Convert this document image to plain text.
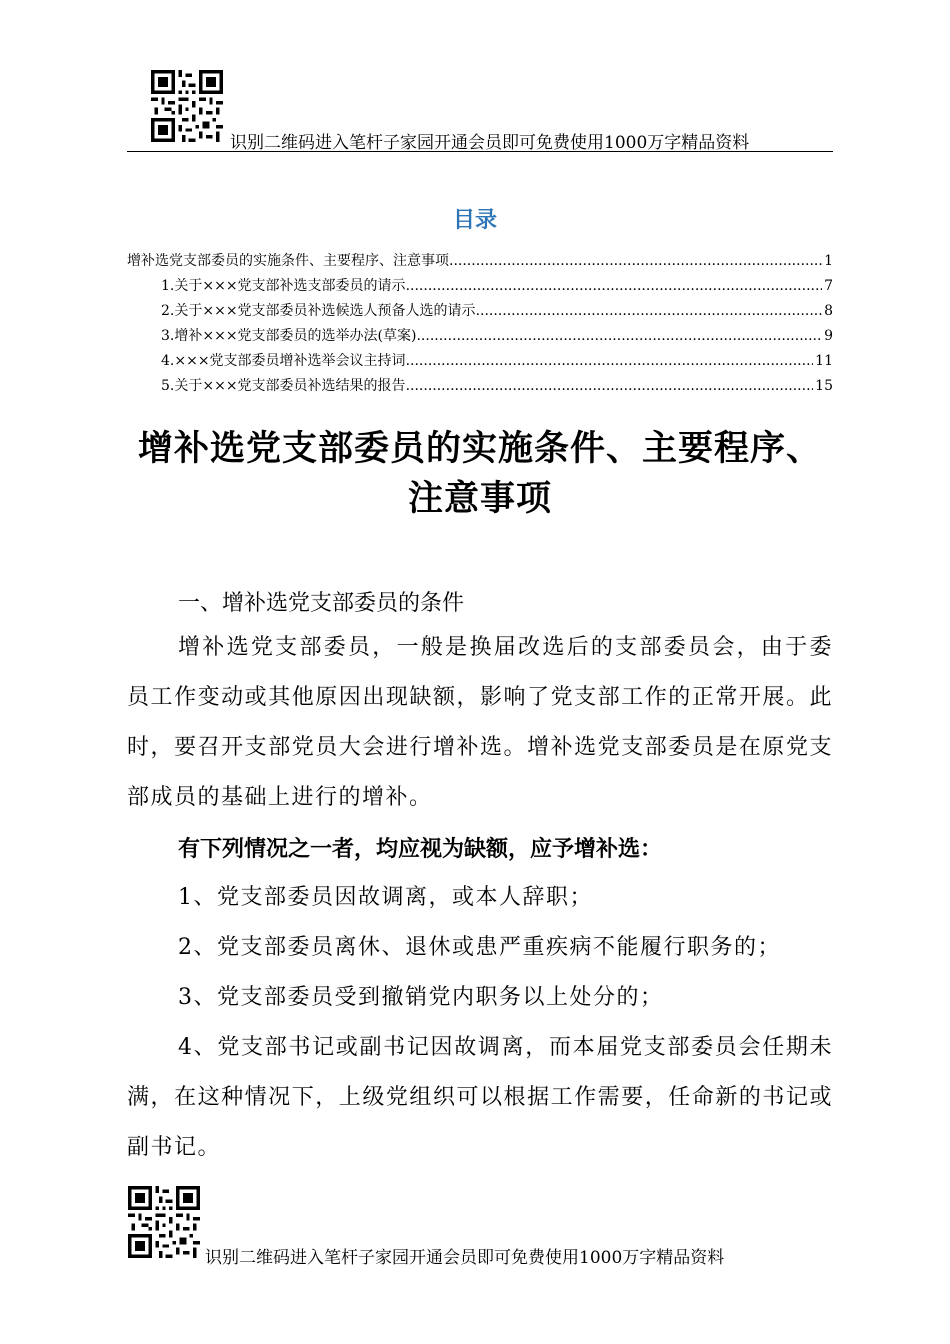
识别二维码进入笔杆子家园开通会员即可免费使用1000万字精品资料
目录
增补选党支部委员的实施条件、主要程序、注意事项 .....	1
1.关于×××党支部补选支部委员的请示 .....	7
2.关于×××党支部委员补选候选人预备人选的请示 .....	8
3.增补×××党支部委员的选举办法(草案) .....	9
4.×××党支部委员增补选举会议主持词 .....	11
5.关于×××党支部委员补选结果的报告 .....	15
增补选党支部委员的实施条件、主要程序、注意事项
一、增补选党支部委员的条件
增补选党支部委员，一般是换届改选后的支部委员会，由于委员工作变动或其他原因出现缺额，影响了党支部工作的正常开展。此时，要召开支部党员大会进行增补选。增补选党支部委员是在原党支部成员的基础上进行的增补。
有下列情况之一者，均应视为缺额，应予增补选：
1、党支部委员因故调离，或本人辞职；
2、党支部委员离休、退休或患严重疾病不能履行职务的；
3、党支部委员受到撤销党内职务以上处分的；
4、党支部书记或副书记因故调离，而本届党支部委员会任期未满，在这种情况下，上级党组织可以根据工作需要，任命新的书记或副书记。
识别二维码进入笔杆子家园开通会员即可免费使用1000万字精品资料
